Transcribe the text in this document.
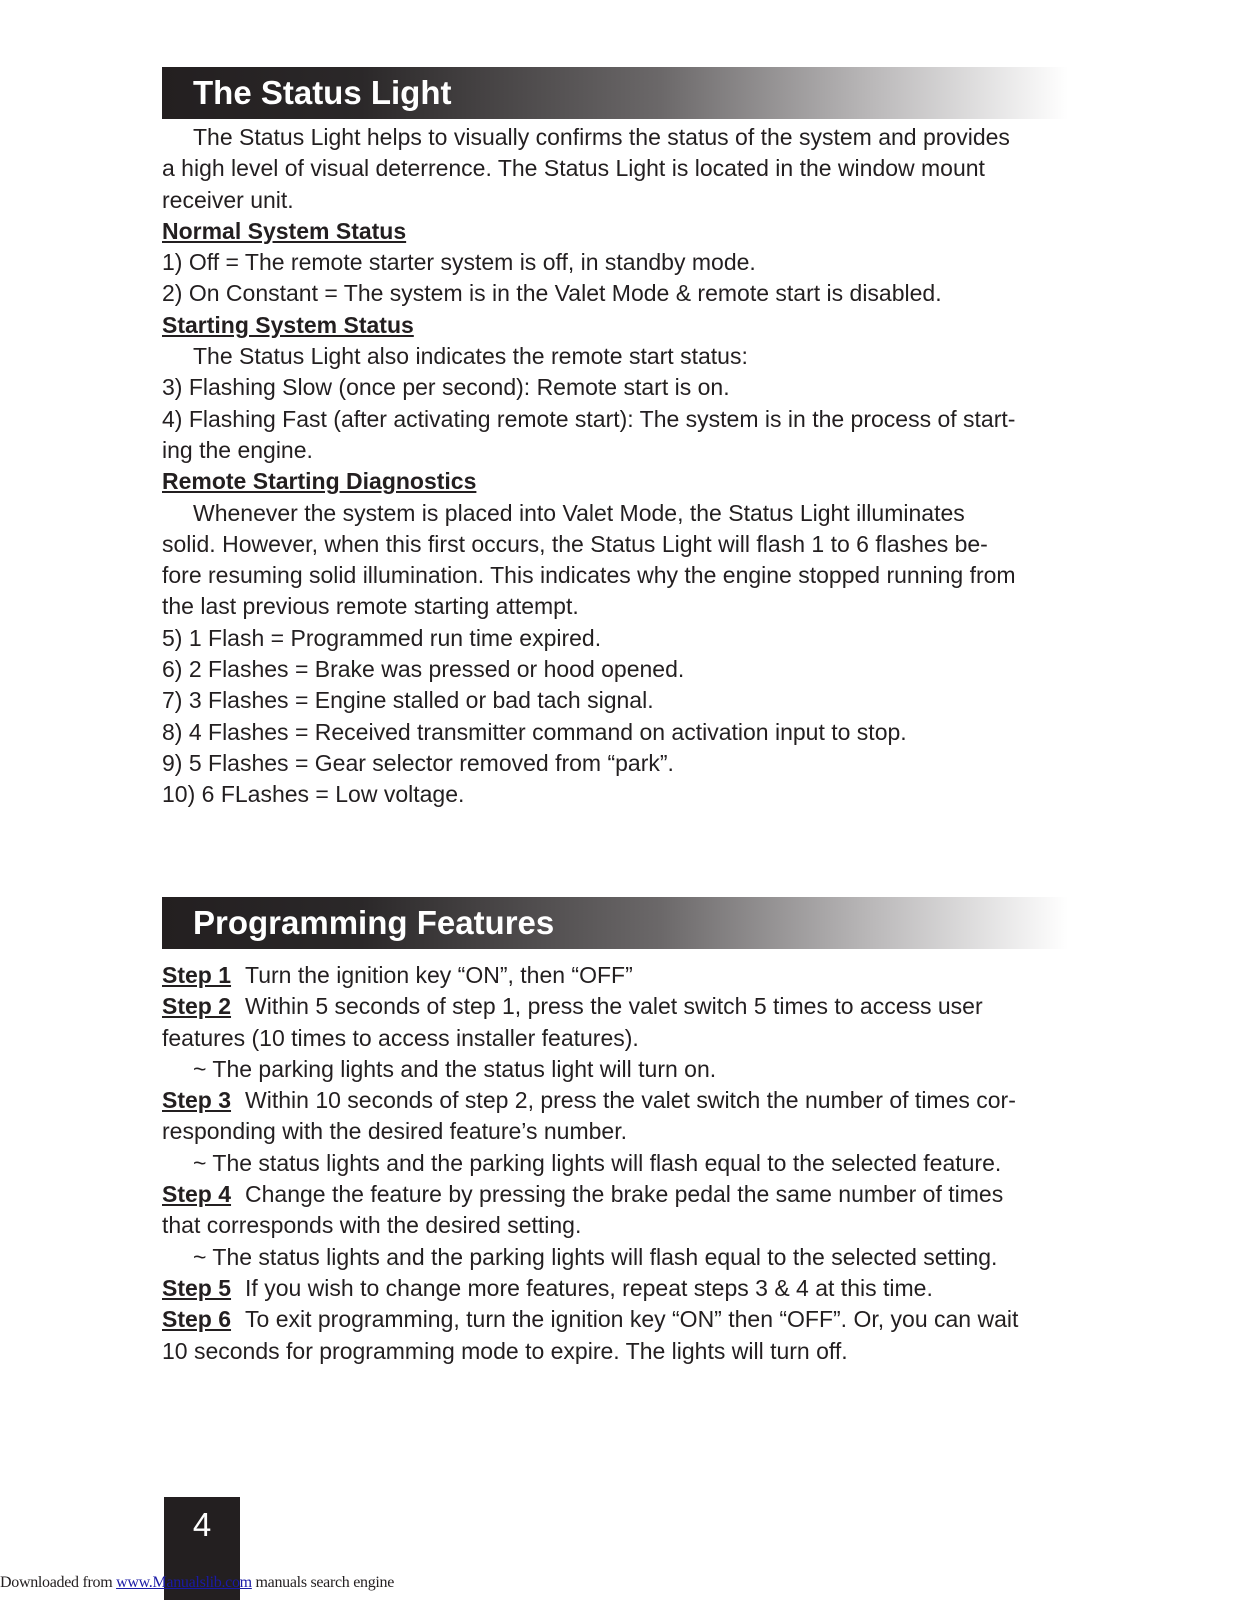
The Status Light
The Status Light helps to visually confirms the status of the system and provides
a high level of visual deterrence. The Status Light is located in the window mount
receiver unit.
Normal System Status
1) Off = The remote starter system is off, in standby mode.
2) On Constant = The system is in the Valet Mode & remote start is disabled.
Starting System Status
The Status Light also indicates the remote start status:
3) Flashing Slow (once per second): Remote start is on.
4) Flashing Fast (after activating remote start): The system is in the process of start-
ing the engine.
Remote Starting Diagnostics
Whenever the system is placed into Valet Mode, the Status Light illuminates
solid. However, when this first occurs, the Status Light will flash 1 to 6 flashes be-
fore resuming solid illumination. This indicates why the engine stopped running from
the last previous remote starting attempt.
5) 1 Flash = Programmed run time expired.
6) 2 Flashes = Brake was pressed or hood opened.
7) 3 Flashes = Engine stalled or bad tach signal.
8) 4 Flashes = Received transmitter command on activation input to stop.
9) 5 Flashes = Gear selector removed from “park”.
10) 6 FLashes = Low voltage.
Programming Features
Step 1 Turn the ignition key “ON”, then “OFF”
Step 2 Within 5 seconds of step 1, press the valet switch 5 times to access user
features (10 times to access installer features).
~ The parking lights and the status light will turn on.
Step 3 Within 10 seconds of step 2, press the valet switch the number of times cor-
responding with the desired feature’s number.
~ The status lights and the parking lights will flash equal to the selected feature.
Step 4 Change the feature by pressing the brake pedal the same number of times
that corresponds with the desired setting.
~ The status lights and the parking lights will flash equal to the selected setting.
Step 5 If you wish to change more features, repeat steps 3 & 4 at this time.
Step 6 To exit programming, turn the ignition key “ON” then “OFF”. Or, you can wait
10 seconds for programming mode to expire. The lights will turn off.
4
Downloaded from www.Manualslib.com manuals search engine
